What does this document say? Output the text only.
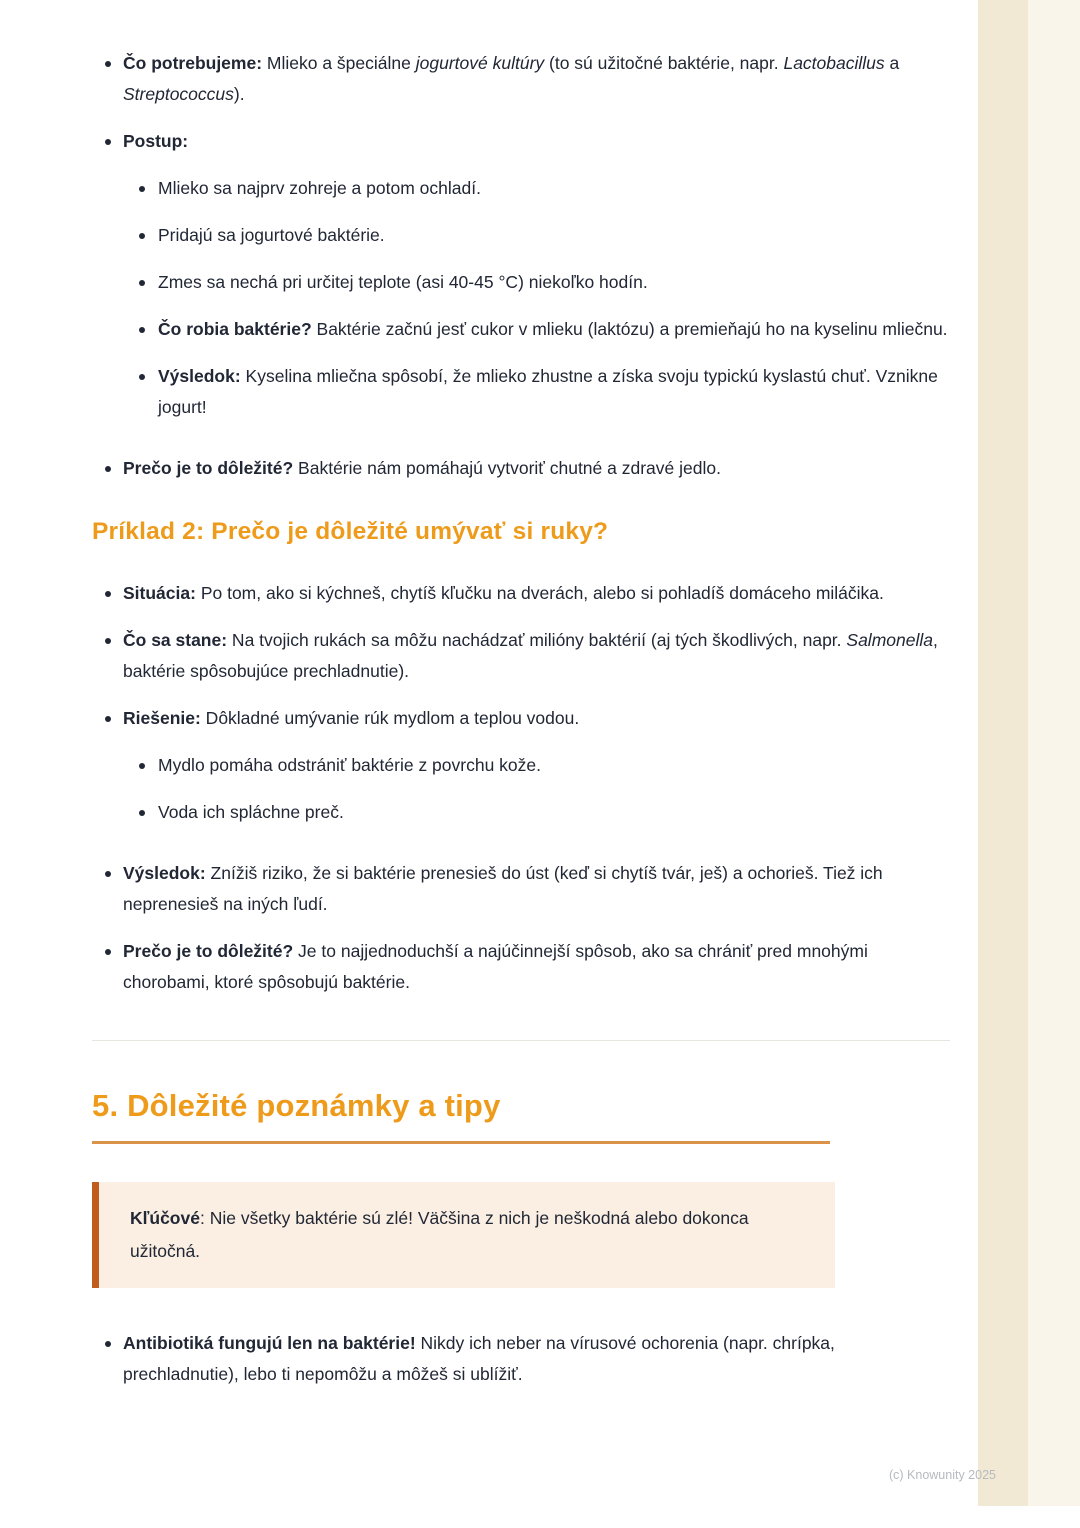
Čo potrebujeme: Mlieko a špeciálne jogurtové kultúry (to sú užitočné baktérie, napr. Lactobacillus a Streptococcus).
Postup:
Mlieko sa najprv zohreje a potom ochladí.
Pridajú sa jogurtové baktérie.
Zmes sa nechá pri určitej teplote (asi 40-45 °C) niekoľko hodín.
Čo robia baktérie? Baktérie začnú jesť cukor v mlieku (laktózu) a premieňajú ho na kyselinu mliečnu.
Výsledok: Kyselina mliečna spôsobí, že mlieko zhustne a získa svoju typickú kyslastú chuť. Vznikne jogurt!
Prečo je to dôležité? Baktérie nám pomáhajú vytvoriť chutné a zdravé jedlo.
Príklad 2: Prečo je dôležité umývať si ruky?
Situácia: Po tom, ako si kýchneš, chytíš kľučku na dverách, alebo si pohladíš domáceho miláčika.
Čo sa stane: Na tvojich rukách sa môžu nachádzať milióny baktérií (aj tých škodlivých, napr. Salmonella, baktérie spôsobujúce prechladnutie).
Riešenie: Dôkladné umývanie rúk mydlom a teplou vodou.
Mydlo pomáha odstrániť baktérie z povrchu kože.
Voda ich spláchne preč.
Výsledok: Znížiš riziko, že si baktérie prenesieš do úst (keď si chytíš tvár, ješ) a ochorieš. Tiež ich neprenesieš na iných ľudí.
Prečo je to dôležité? Je to najjednoduchší a najúčinnejší spôsob, ako sa chrániť pred mnohými chorobami, ktoré spôsobujú baktérie.
5. Dôležité poznámky a tipy

Kľúčové: Nie všetky baktérie sú zlé! Väčšina z nich je neškodná alebo dokonca užitočná.

Antibiotiká fungujú len na baktérie! Nikdy ich neber na vírusové ochorenia (napr. chrípka, prechladnutie), lebo ti nepomôžu a môžeš si ublížiť.
(c) Knowunity 2025
